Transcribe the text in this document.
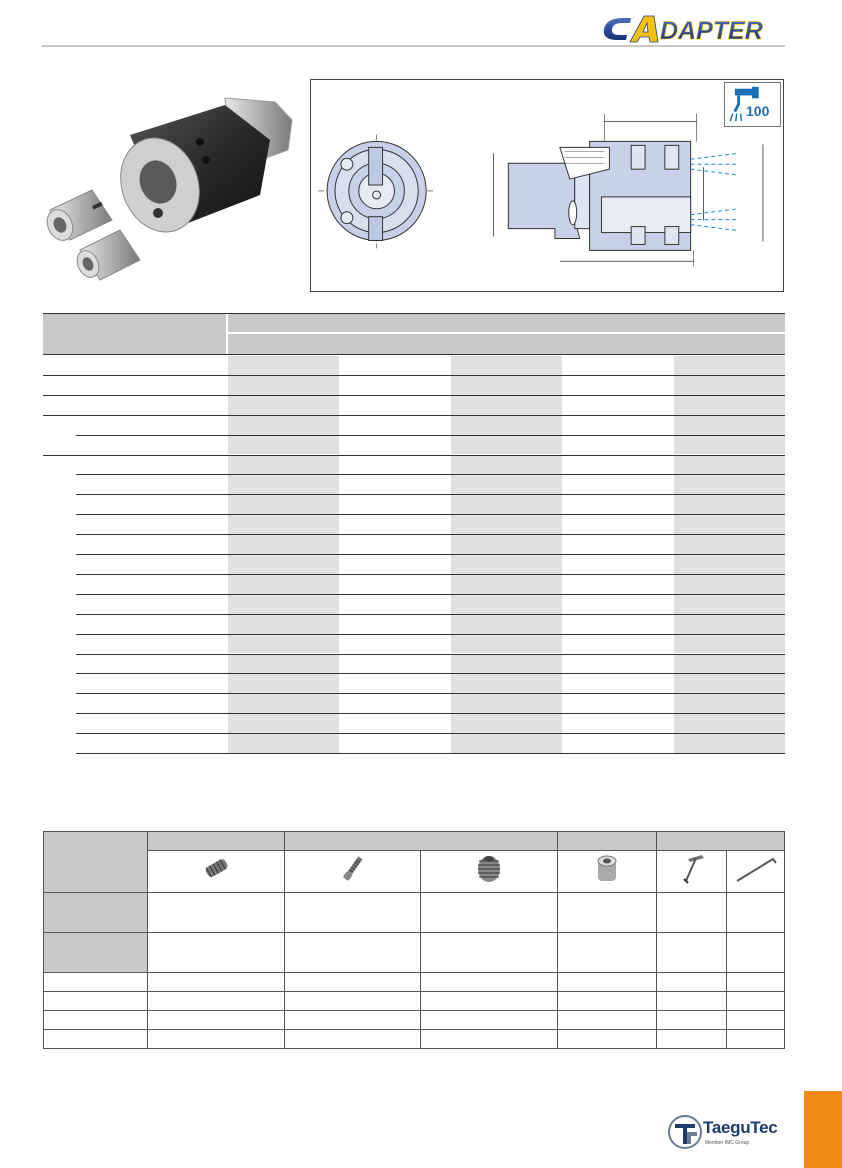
DAPTER
100

TaeguTec
Member IMC Group
